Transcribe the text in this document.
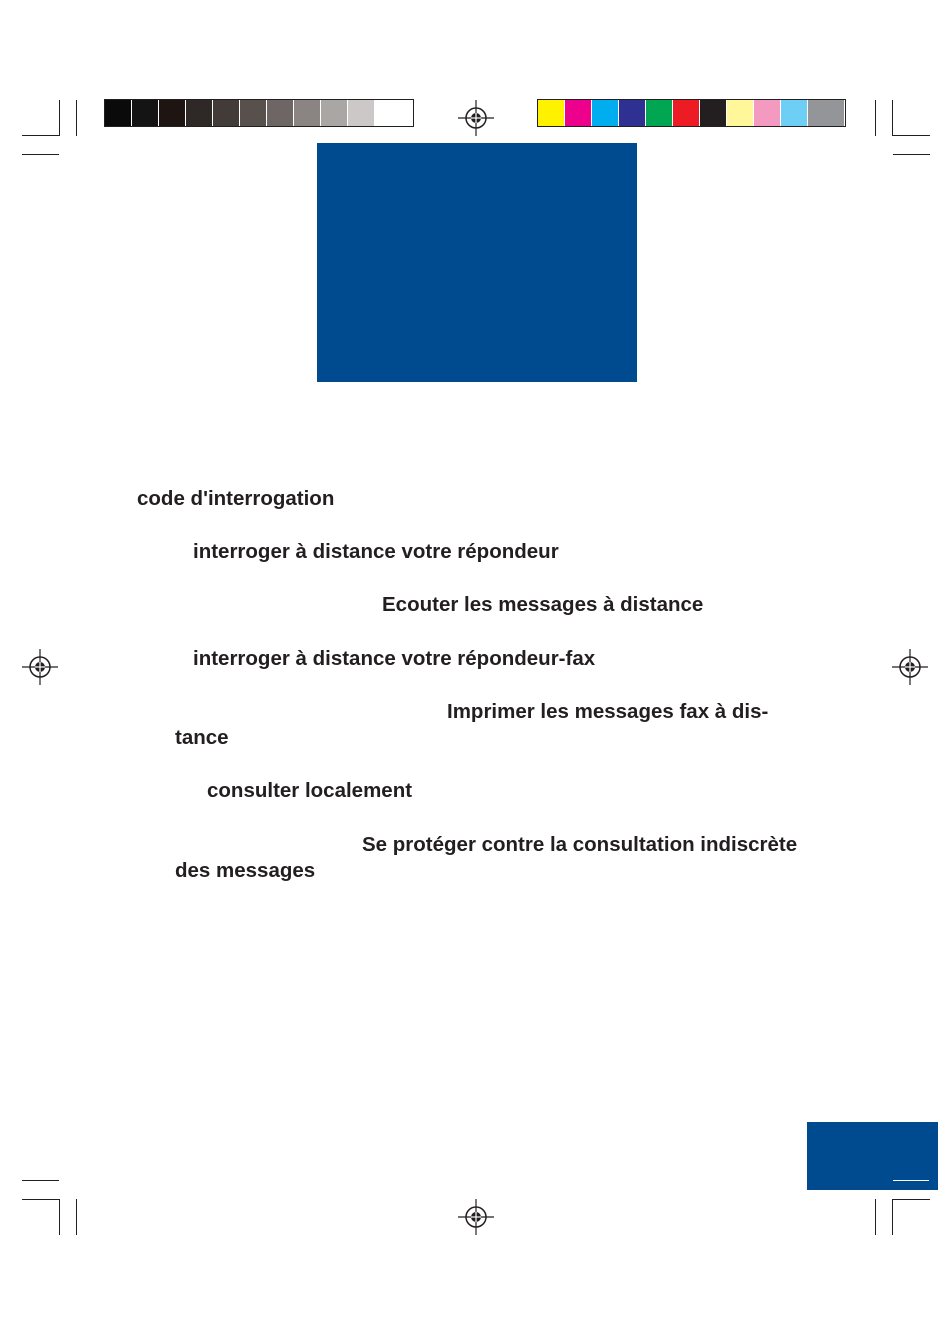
code d'interrogation
interroger à distance votre répondeur
Ecouter les messages à distance
interroger à distance votre répondeur-fax
Imprimer les messages fax à dis-
tance
consulter localement
Se protéger contre la consultation indiscrète
des messages
